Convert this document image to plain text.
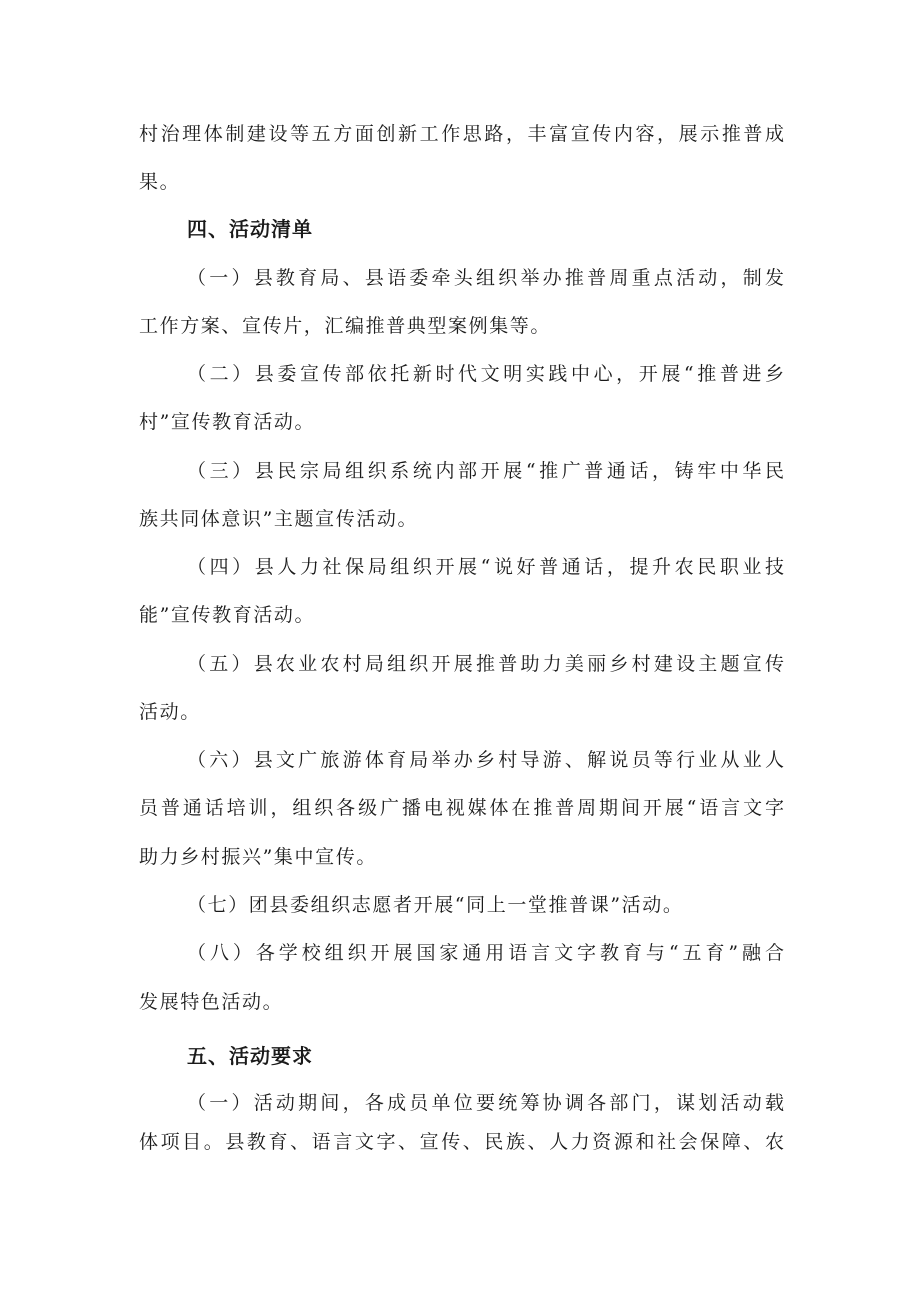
村治理体制建设等五方面创新工作思路，丰富宣传内容，展示推普成
果。
四、活动清单
（一）县教育局、县语委牵头组织举办推普周重点活动，制发
工作方案、宣传片，汇编推普典型案例集等。
（二）县委宣传部依托新时代文明实践中心，开展“推普进乡
村”宣传教育活动。
（三）县民宗局组织系统内部开展“推广普通话，铸牢中华民
族共同体意识”主题宣传活动。
（四）县人力社保局组织开展“说好普通话，提升农民职业技
能”宣传教育活动。
（五）县农业农村局组织开展推普助力美丽乡村建设主题宣传
活动。
（六）县文广旅游体育局举办乡村导游、解说员等行业从业人
员普通话培训，组织各级广播电视媒体在推普周期间开展“语言文字
助力乡村振兴”集中宣传。
（七）团县委组织志愿者开展“同上一堂推普课”活动。
（八）各学校组织开展国家通用语言文字教育与“五育”融合
发展特色活动。
五、活动要求
（一）活动期间，各成员单位要统筹协调各部门，谋划活动载
体项目。县教育、语言文字、宣传、民族、人力资源和社会保障、农
